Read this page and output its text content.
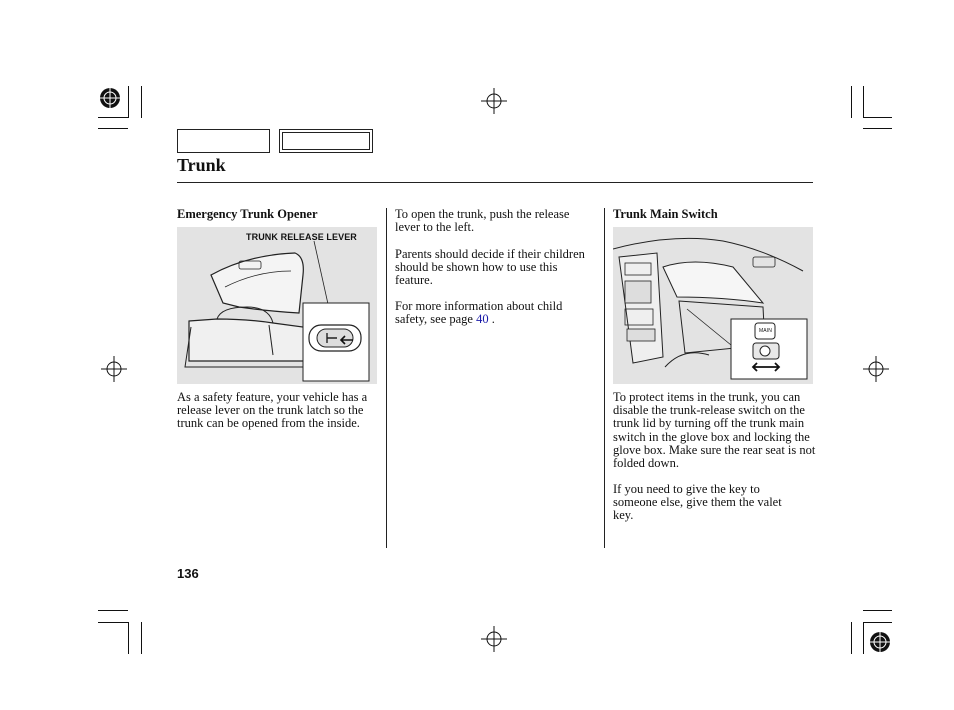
Trunk

Emergency Trunk Opener

TRUNK RELEASE LEVER

As a safety feature, your vehicle has a release lever on the trunk latch so the trunk can be opened from the inside.

To open the trunk, push the release lever to the left.

Parents should decide if their children should be shown how to use this feature.

For more information about child safety, see page 40 .

Trunk Main Switch

MAIN

To protect items in the trunk, you can disable the trunk-release switch on the trunk lid by turning off the trunk main switch in the glove box and locking the glove box. Make sure the rear seat is not folded down.

If you need to give the key to someone else, give them the valet key.

136
